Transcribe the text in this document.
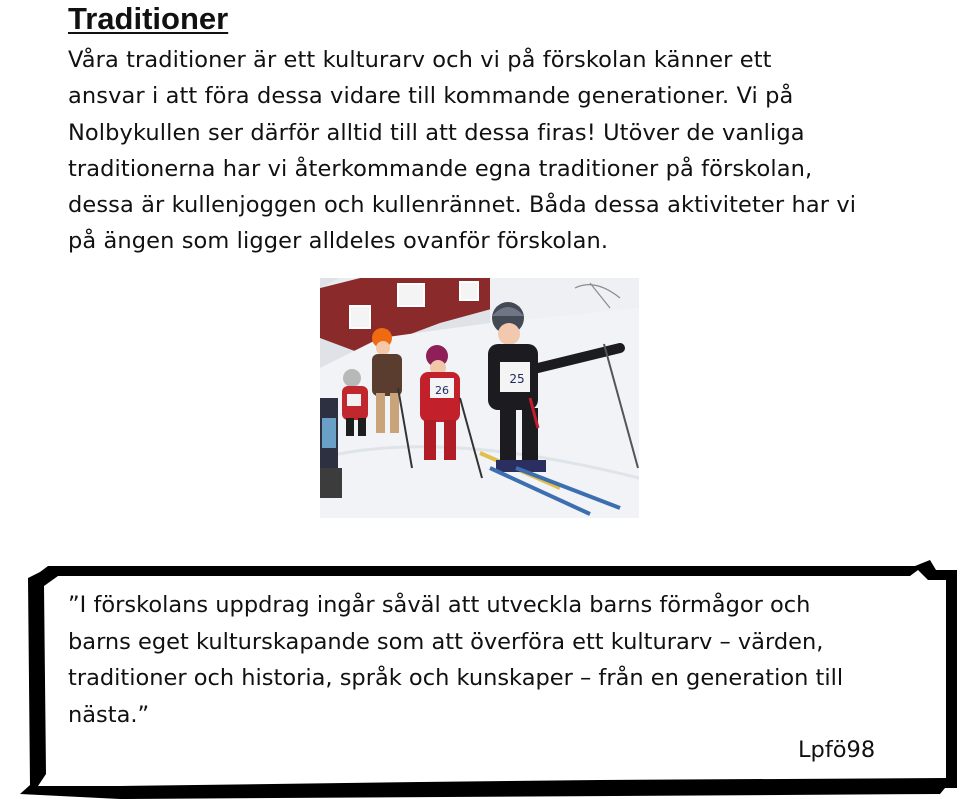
Traditioner

Våra traditioner är ett kulturarv och vi på förskolan känner ett
ansvar i att föra dessa vidare till kommande generationer. Vi på
Nolbykullen ser därför alltid till att dessa firas! Utöver de vanliga
traditionerna har vi återkommande egna traditioner på förskolan,
dessa är kullenjoggen och kullenrännet. Båda dessa aktiviteter har vi
på ängen som ligger alldeles ovanför förskolan.

26
25

”I förskolans uppdrag ingår såväl att utveckla barns förmågor och
barns eget kulturskapande som att överföra ett kulturarv – värden,
traditioner och historia, språk och kunskaper – från en generation till
nästa.”

Lpfö98
